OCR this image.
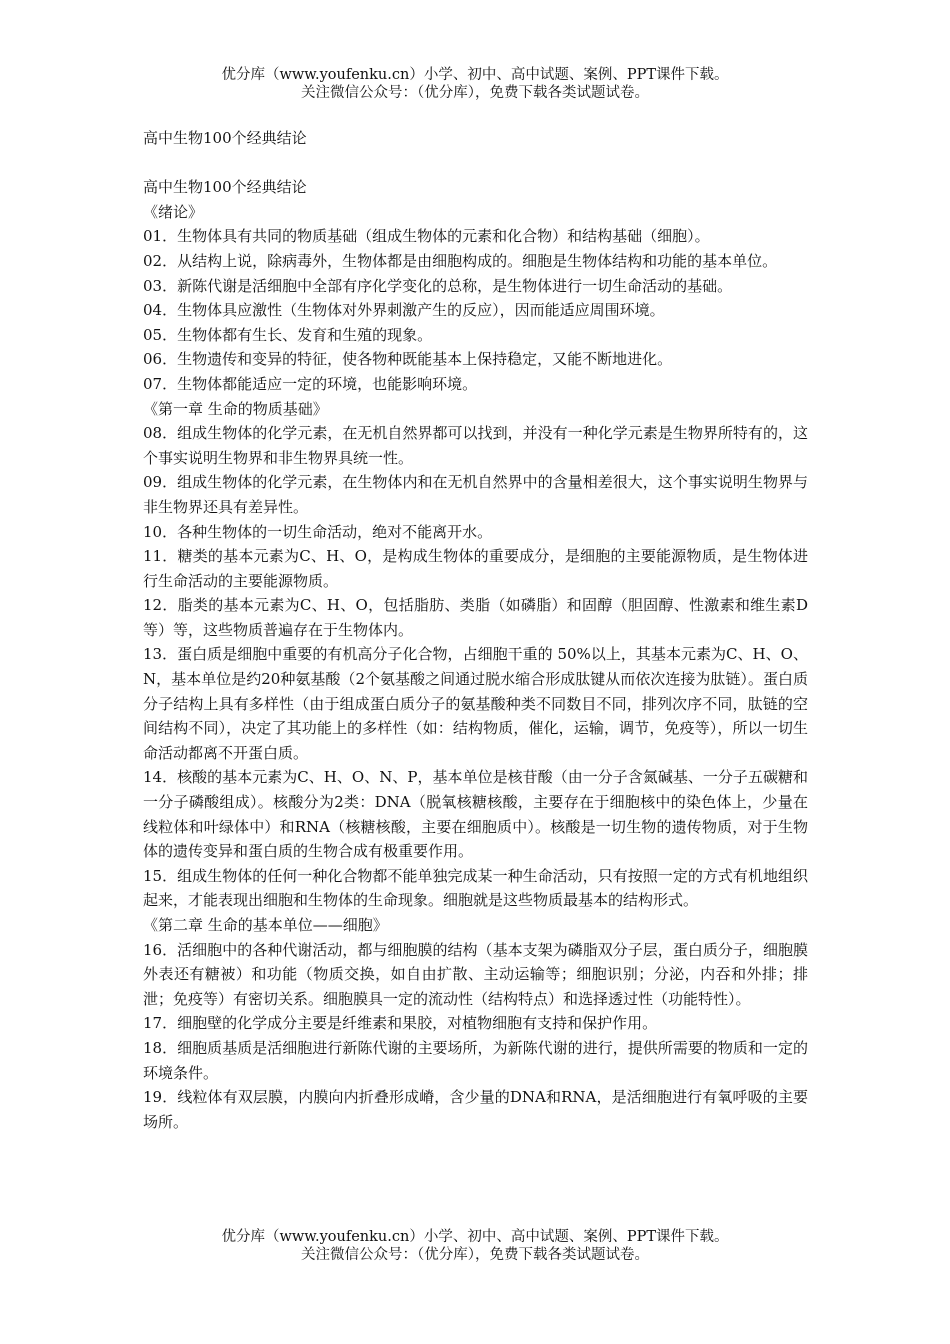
优分库（www.youfenku.cn）小学、初中、高中试题、案例、PPT课件下载。
关注微信公众号：（优分库），免费下载各类试题试卷。

高中生物100个经典结论

高中生物100个经典结论

《绪论》

01．生物体具有共同的物质基础（组成生物体的元素和化合物）和结构基础（细胞）。

02．从结构上说，除病毒外，生物体都是由细胞构成的。细胞是生物体结构和功能的基本单位。

03．新陈代谢是活细胞中全部有序化学变化的总称，是生物体进行一切生命活动的基础。

04．生物体具应激性（生物体对外界刺激产生的反应），因而能适应周围环境。

05．生物体都有生长、发育和生殖的现象。

06．生物遗传和变异的特征，使各物种既能基本上保持稳定，又能不断地进化。

07．生物体都能适应一定的环境，也能影响环境。

《第一章 生命的物质基础》

08．组成生物体的化学元素，在无机自然界都可以找到，并没有一种化学元素是生物界所特有的，这个事实说明生物界和非生物界具统一性。

09．组成生物体的化学元素，在生物体内和在无机自然界中的含量相差很大，这个事实说明生物界与非生物界还具有差异性。

10．各种生物体的一切生命活动，绝对不能离开水。

11．糖类的基本元素为C、H、O，是构成生物体的重要成分，是细胞的主要能源物质，是生物体进行生命活动的主要能源物质。

12．脂类的基本元素为C、H、O，包括脂肪、类脂（如磷脂）和固醇（胆固醇、性激素和维生素D等）等，这些物质普遍存在于生物体内。

13．蛋白质是细胞中重要的有机高分子化合物，占细胞干重的 50%以上，其基本元素为C、H、O、N，基本单位是约20种氨基酸（2个氨基酸之间通过脱水缩合形成肽键从而依次连接为肽链）。蛋白质分子结构上具有多样性（由于组成蛋白质分子的氨基酸种类不同数目不同，排列次序不同，肽链的空间结构不同），决定了其功能上的多样性（如：结构物质，催化，运输，调节，免疫等），所以一切生命活动都离不开蛋白质。

14．核酸的基本元素为C、H、O、N、P，基本单位是核苷酸（由一分子含氮碱基、一分子五碳糖和一分子磷酸组成）。核酸分为2类：DNA（脱氧核糖核酸，主要存在于细胞核中的染色体上，少量在线粒体和叶绿体中）和RNA（核糖核酸，主要在细胞质中）。核酸是一切生物的遗传物质，对于生物体的遗传变异和蛋白质的生物合成有极重要作用。

15．组成生物体的任何一种化合物都不能单独完成某一种生命活动，只有按照一定的方式有机地组织起来，才能表现出细胞和生物体的生命现象。细胞就是这些物质最基本的结构形式。

《第二章 生命的基本单位——细胞》

16．活细胞中的各种代谢活动，都与细胞膜的结构（基本支架为磷脂双分子层，蛋白质分子，细胞膜外表还有糖被）和功能（物质交换，如自由扩散、主动运输等；细胞识别；分泌，内吞和外排；排泄；免疫等）有密切关系。细胞膜具一定的流动性（结构特点）和选择透过性（功能特性）。

17．细胞壁的化学成分主要是纤维素和果胶，对植物细胞有支持和保护作用。

18．细胞质基质是活细胞进行新陈代谢的主要场所，为新陈代谢的进行，提供所需要的物质和一定的环境条件。

19．线粒体有双层膜，内膜向内折叠形成嵴，含少量的DNA和RNA，是活细胞进行有氧呼吸的主要场所。

优分库（www.youfenku.cn）小学、初中、高中试题、案例、PPT课件下载。
关注微信公众号：（优分库），免费下载各类试题试卷。
